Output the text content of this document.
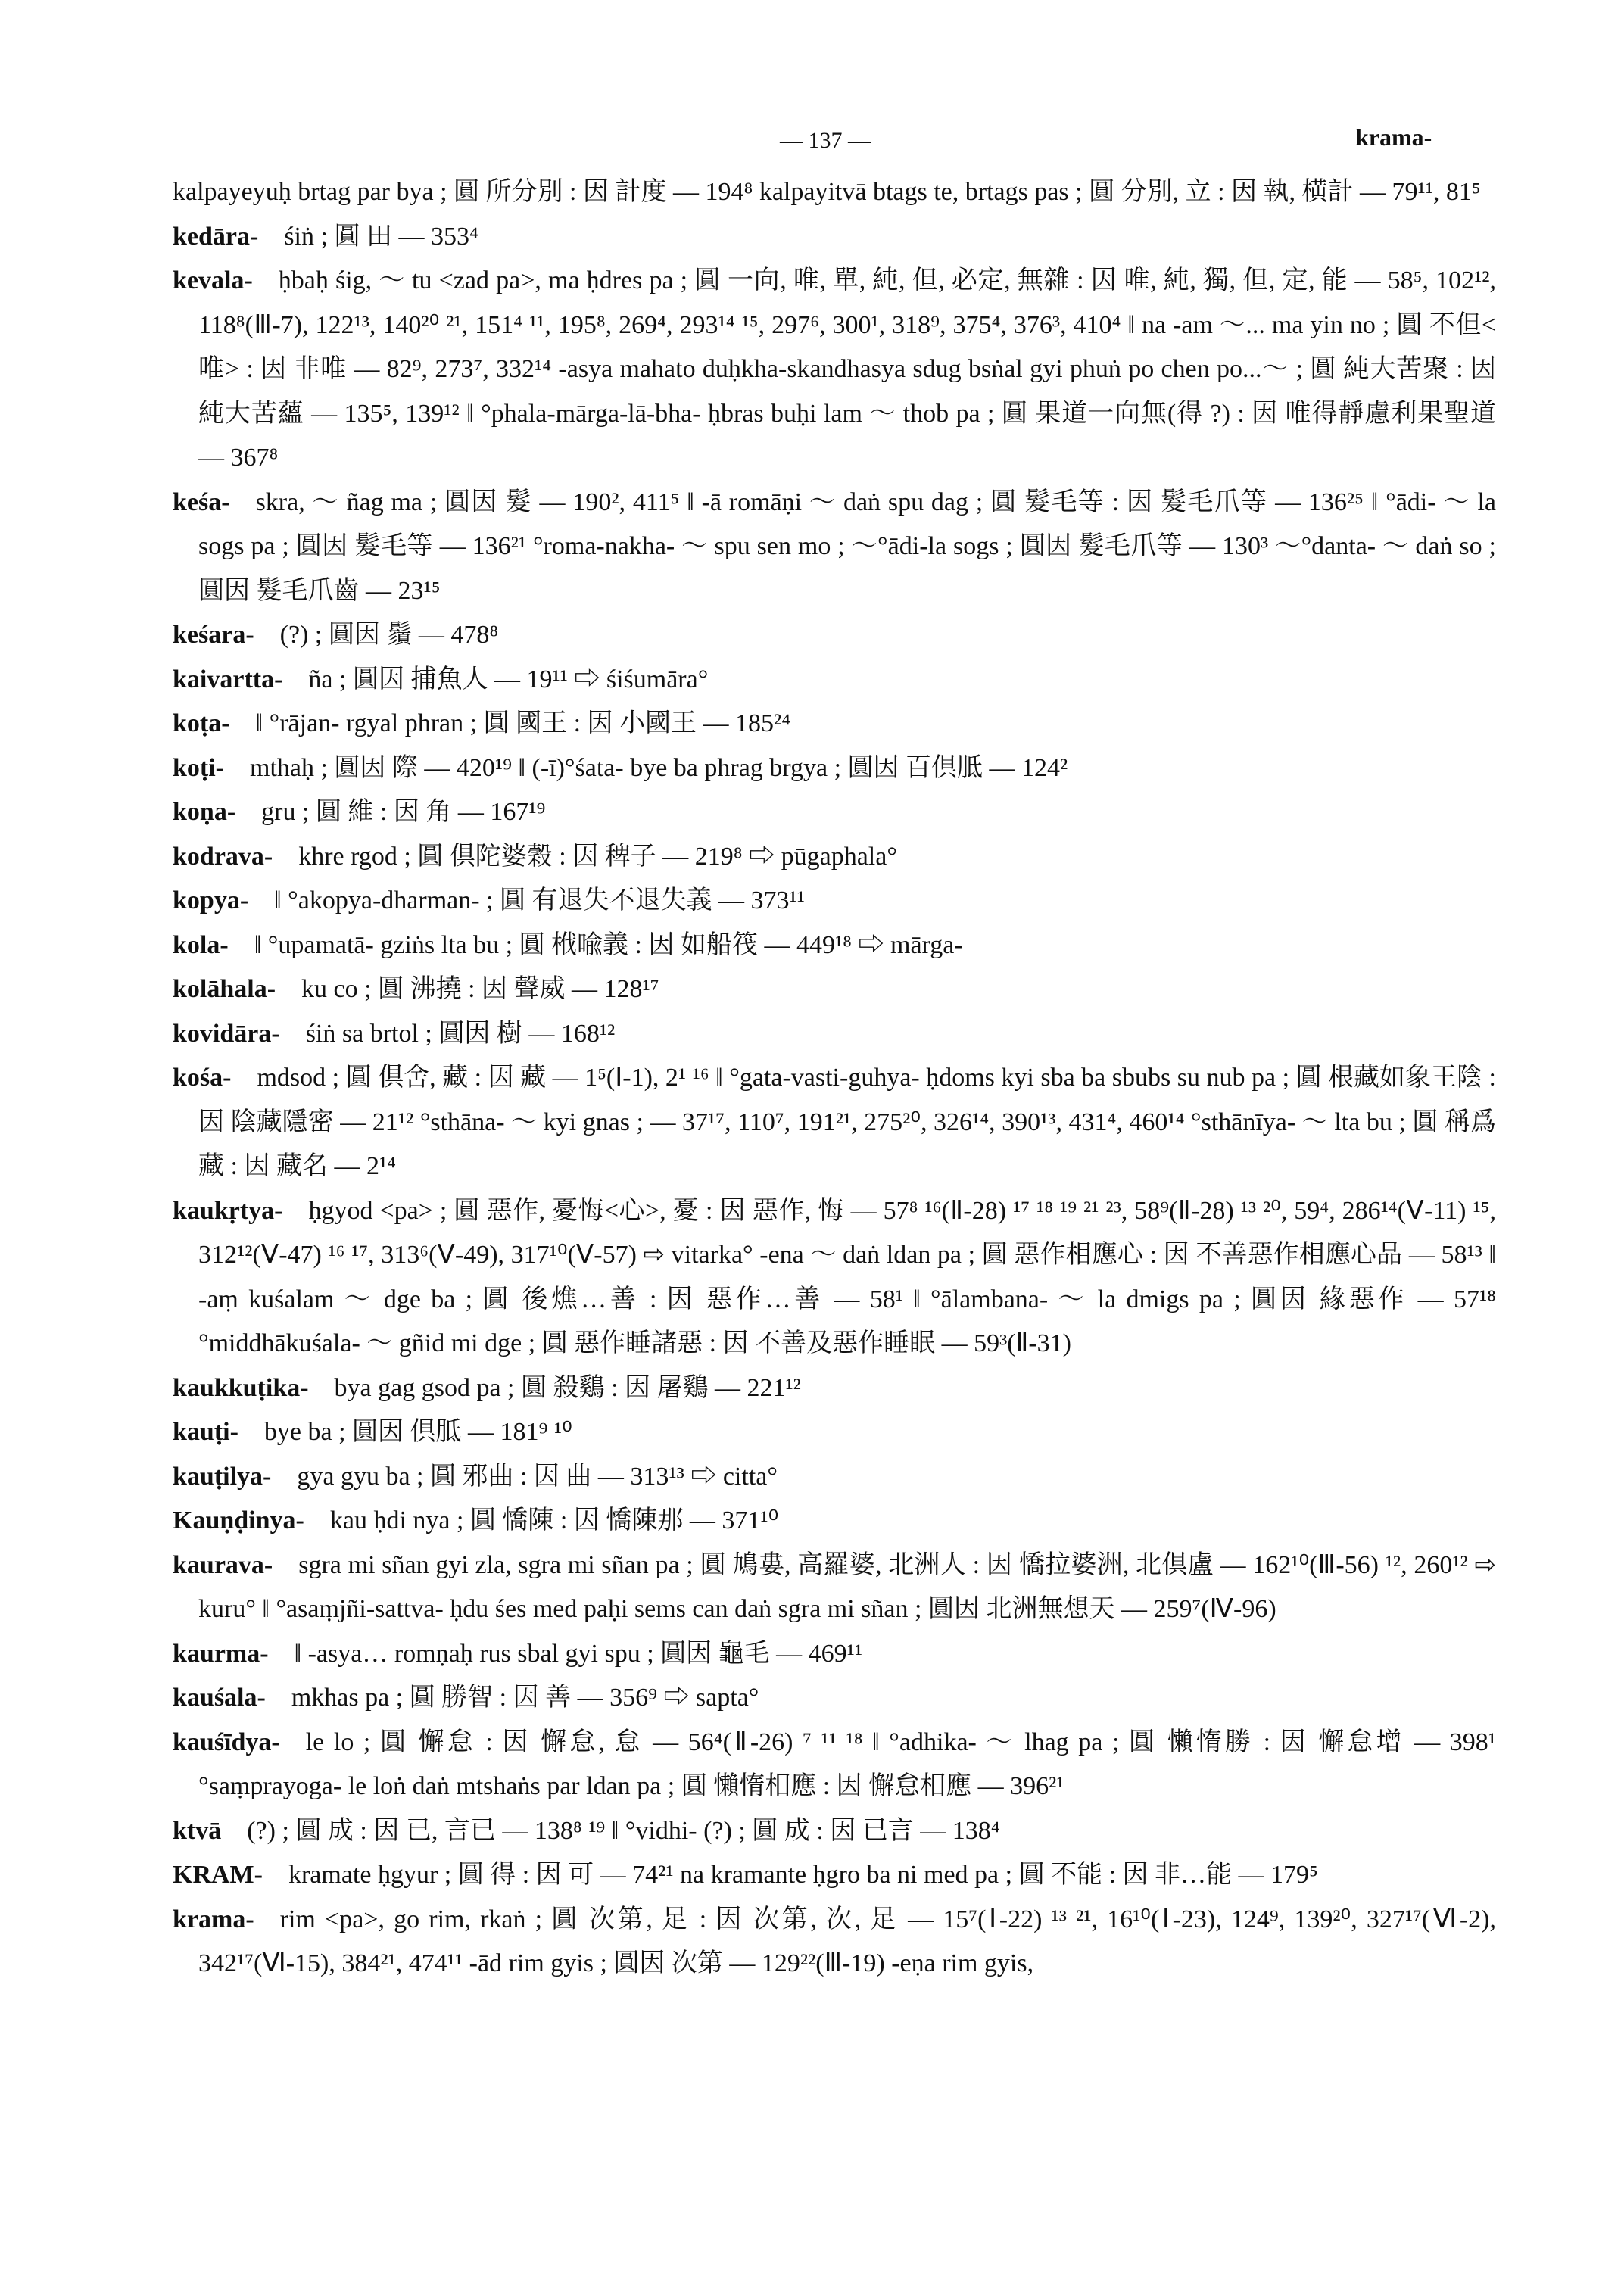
— 137 —	krama-

kalpayeyuḥ brtag par bya ; 圓 所分別 : 因 計度 — 194⁸ kalpayitvā btags te, brtags pas ; 圓 分別, 立 : 因 執, 横計 — 79¹¹, 81⁵

kedāra-  śiṅ ; 圓 田 — 353⁴

kevala-  ḥbaḥ śig, ～ tu <zad pa>, ma ḥdres pa ; 圓 一向, 唯, 單, 純, 但, 必定, 無雜 : 因 唯, 純, 獨, 但, 定, 能 — 58⁵, 102¹², 118⁸(Ⅲ-7), 122¹³, 140²⁰ ²¹, 151⁴ ¹¹, 195⁸, 269⁴, 293¹⁴ ¹⁵, 297⁶, 300¹, 318⁹, 375⁴, 376³, 410⁴ ‖ na -am ～... ma yin no ; 圓 不但<唯> : 因 非唯 — 82⁹, 273⁷, 332¹⁴ -asya mahato duḥkha-skandhasya sdug bsṅal gyi phuṅ po chen po...～ ; 圓 純大苦聚 : 因 純大苦蘊 — 135⁵, 139¹² ‖ °phala-mārga-lā-bha- ḥbras buḥi lam ～ thob pa ; 圓 果道一向無(得 ?) : 因 唯得靜慮利果聖道 — 367⁸

keśa-  skra, ～ ñag ma ; 圓因 髮 — 190², 411⁵ ‖ -ā romāṇi ～ daṅ spu dag ; 圓 髮毛等 : 因 髮毛爪等 — 136²⁵ ‖ °ādi- ～ la sogs pa ; 圓因 髮毛等 — 136²¹ °roma-nakha- ～ spu sen mo ; ～°ādi-la sogs ; 圓因 髮毛爪等 — 130³ ～°danta- ～ daṅ so ; 圓因 髮毛爪齒 — 23¹⁵

keśara-  (?) ; 圓因 鬚 — 478⁸

kaivartta-  ña ; 圓因 捕魚人 — 19¹¹ ⇨ śiśumāra°

koṭa-  ‖ °rājan- rgyal phran ; 圓 國王 : 因 小國王 — 185²⁴

koṭi-  mthaḥ ; 圓因 際 — 420¹⁹ ‖ (-ī)°śata- bye ba phrag brgya ; 圓因 百倶胝 — 124²

koṇa-  gru ; 圓 維 : 因 角 — 167¹⁹

kodrava-  khre rgod ; 圓 倶陀婆穀 : 因 稗子 — 219⁸ ⇨ pūgaphala°

kopya-  ‖ °akopya-dharman- ; 圓 有退失不退失義 — 373¹¹

kola-  ‖ °upamatā- gziṅs lta bu ; 圓 栰喩義 : 因 如船筏 — 449¹⁸ ⇨ mārga-

kolāhala-  ku co ; 圓 沸撓 : 因 聲威 — 128¹⁷

kovidāra-  śiṅ sa brtol ; 圓因 樹 — 168¹²

kośa-  mdsod ; 圓 倶舍, 藏 : 因 藏 — 1⁵(Ⅰ-1), 2¹ ¹⁶ ‖ °gata-vasti-guhya- ḥdoms kyi sba ba sbubs su nub pa ; 圓 根藏如象王陰 : 因 陰藏隱密 — 21¹² °sthāna- ～ kyi gnas ; — 37¹⁷, 110⁷, 191²¹, 275²⁰, 326¹⁴, 390¹³, 431⁴, 460¹⁴ °sthānīya- ～ lta bu ; 圓 稱爲藏 : 因 藏名 — 2¹⁴

kaukṛtya-  ḥgyod <pa> ; 圓 惡作, 憂悔<心>, 憂 : 因 惡作, 悔 — 57⁸ ¹⁶(Ⅱ-28) ¹⁷ ¹⁸ ¹⁹ ²¹ ²³, 58⁹(Ⅱ-28) ¹³ ²⁰, 59⁴, 286¹⁴(Ⅴ-11) ¹⁵, 312¹²(Ⅴ-47) ¹⁶ ¹⁷, 313⁶(Ⅴ-49), 317¹⁰(Ⅴ-57) ⇨ vitarka° -ena ～ daṅ ldan pa ; 圓 惡作相應心 : 因 不善惡作相應心品 — 58¹³ ‖ -aṃ kuśalam ～ dge ba ; 圓 後燋…善 : 因 惡作…善 — 58¹ ‖ °ālambana- ～ la dmigs pa ; 圓因 緣惡作 — 57¹⁸ °middhākuśala- ～ gñid mi dge ; 圓 惡作睡諸惡 : 因 不善及惡作睡眠 — 59³(Ⅱ-31)

kaukkuṭika-  bya gag gsod pa ; 圓 殺鷄 : 因 屠鷄 — 221¹²

kauṭi-  bye ba ; 圓因 倶胝 — 181⁹ ¹⁰

kauṭilya-  gya gyu ba ; 圓 邪曲 : 因 曲 — 313¹³ ⇨ citta°

Kauṇḍinya-  kau ḥdi nya ; 圓 憍陳 : 因 憍陳那 — 371¹⁰

kaurava-  sgra mi sñan gyi zla, sgra mi sñan pa ; 圓 鳩婁, 高羅婆, 北洲人 : 因 憍拉婆洲, 北倶盧 — 162¹⁰(Ⅲ-56) ¹², 260¹² ⇨ kuru° ‖ °asaṃjñi-sattva- ḥdu śes med paḥi sems can daṅ sgra mi sñan ; 圓因 北洲無想天 — 259⁷(Ⅳ-96)

kaurma-  ‖ -asya… romṇaḥ rus sbal gyi spu ; 圓因 龜毛 — 469¹¹

kauśala-  mkhas pa ; 圓 勝智 : 因 善 — 356⁹ ⇨ sapta°

kauśīdya-  le lo ; 圓 懈怠 : 因 懈怠, 怠 — 56⁴(Ⅱ-26) ⁷ ¹¹ ¹⁸ ‖ °adhika- ～ lhag pa ; 圓 懶惰勝 : 因 懈怠增 — 398¹ °saṃprayoga- le loṅ daṅ mtshaṅs par ldan pa ; 圓 懶惰相應 : 因 懈怠相應 — 396²¹

ktvā  (?) ; 圓 成 : 因 已, 言已 — 138⁸ ¹⁹ ‖ °vidhi- (?) ; 圓 成 : 因 已言 — 138⁴

KRAM-  kramate ḥgyur ; 圓 得 : 因 可 — 74²¹ na kramante ḥgro ba ni med pa ; 圓 不能 : 因 非…能 — 179⁵

krama-  rim <pa>, go rim, rkaṅ ; 圓 次第, 足 : 因 次第, 次, 足 — 15⁷(Ⅰ-22) ¹³ ²¹, 16¹⁰(Ⅰ-23), 124⁹, 139²⁰, 327¹⁷(Ⅵ-2), 342¹⁷(Ⅵ-15), 384²¹, 474¹¹ -ād rim gyis ; 圓因 次第 — 129²²(Ⅲ-19) -eṇa rim gyis,
